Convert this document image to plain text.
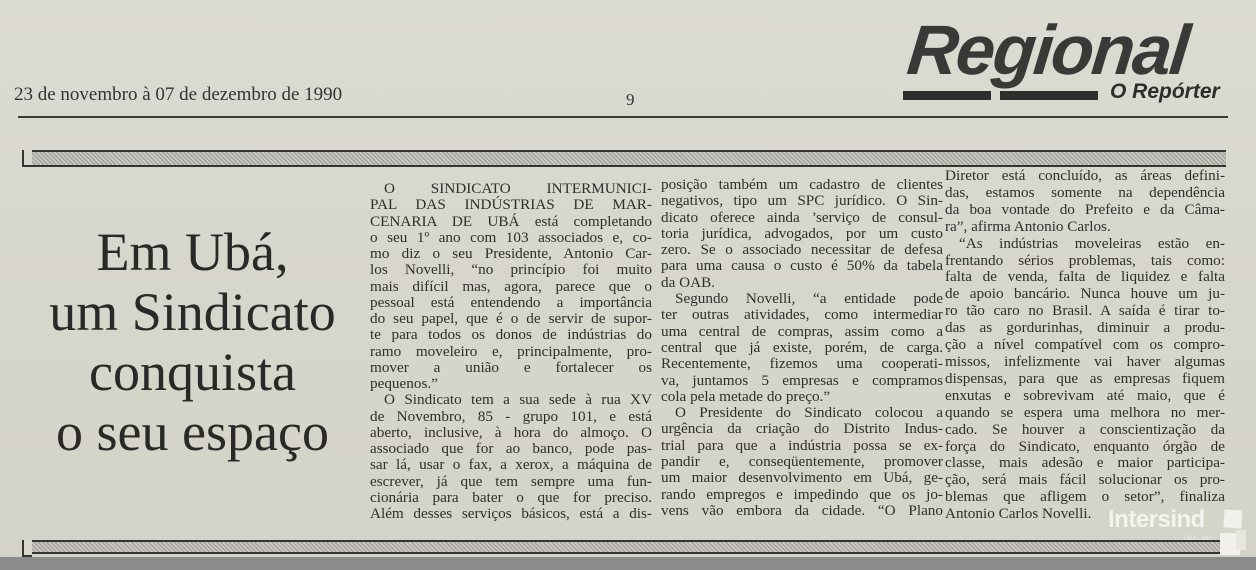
23 de novembro à 07 de dezembro de 1990	9
Regional
O Repórter
Em Ubá,
um Sindicato
conquista
o seu espaço
O SINDICATO INTERMUNICI-
PAL DAS INDÚSTRIAS DE MAR-
CENARIA DE UBÁ está completando
o seu 1º ano com 103 associados e, co-
mo diz o seu Presidente, Antonio Car-
los Novelli, “no princípio foi muito
mais difícil mas, agora, parece que o
pessoal está entendendo a importância
do seu papel, que é o de servir de supor-
te para todos os donos de indústrias do
ramo moveleiro e, principalmente, pro-
mover a união e fortalecer os
pequenos.”
O Sindicato tem a sua sede à rua XV
de Novembro, 85 - grupo 101, e está
aberto, inclusive, à hora do almoço. O
associado que for ao banco, pode pas-
sar lá, usar o fax, a xerox, a máquina de
escrever, já que tem sempre uma fun-
cionária para bater o que for preciso.
Além desses serviços básicos, está a dis-
posição também um cadastro de clientes
negativos, tipo um SPC jurídico. O Sin-
dicato oferece ainda ’serviço de consul-
toria jurídica, advogados, por um custo
zero. Se o associado necessitar de defesa
para uma causa o custo é 50% da tabela
da OAB.
Segundo Novelli, “a entidade pode
ter outras atividades, como intermediar
uma central de compras, assim como a
central que já existe, porém, de carga.
Recentemente, fizemos uma cooperati-
va, juntamos 5 empresas e compramos
cola pela metade do preço.”
O Presidente do Sindicato colocou a
urgência da criação do Distrito Indus-
trial para que a indústria possa se ex-
pandir e, conseqüentemente, promover
um maior desenvolvimento em Ubá, ge-
rando empregos e impedindo que os jo-
vens vão embora da cidade. “O Plano
Diretor está concluído, as áreas defini-
das, estamos somente na dependência
da boa vontade do Prefeito e da Câma-
ra”, afirma Antonio Carlos.
“As indústrias moveleiras estão en-
frentando sérios problemas, tais como:
falta de venda, falta de liquidez e falta
de apoio bancário. Nunca houve um ju-
ro tão caro no Brasil. A saída é tirar to-
das as gordurinhas, diminuir a produ-
ção a nível compatível com os compro-
missos, infelizmente vai haver algumas
dispensas, para que as empresas fiquem
enxutas e sobrevivam até maio, que é
quando se espera uma melhora no mer-
cado. Se houver a conscientização da
força do Sindicato, enquanto órgão de
classe, mais adesão e maior participa-
ção, será mais fácil solucionar os pro-
blemas que afligem o setor”, finaliza
Antonio Carlos Novelli. Intersind
UBÁ - MG
